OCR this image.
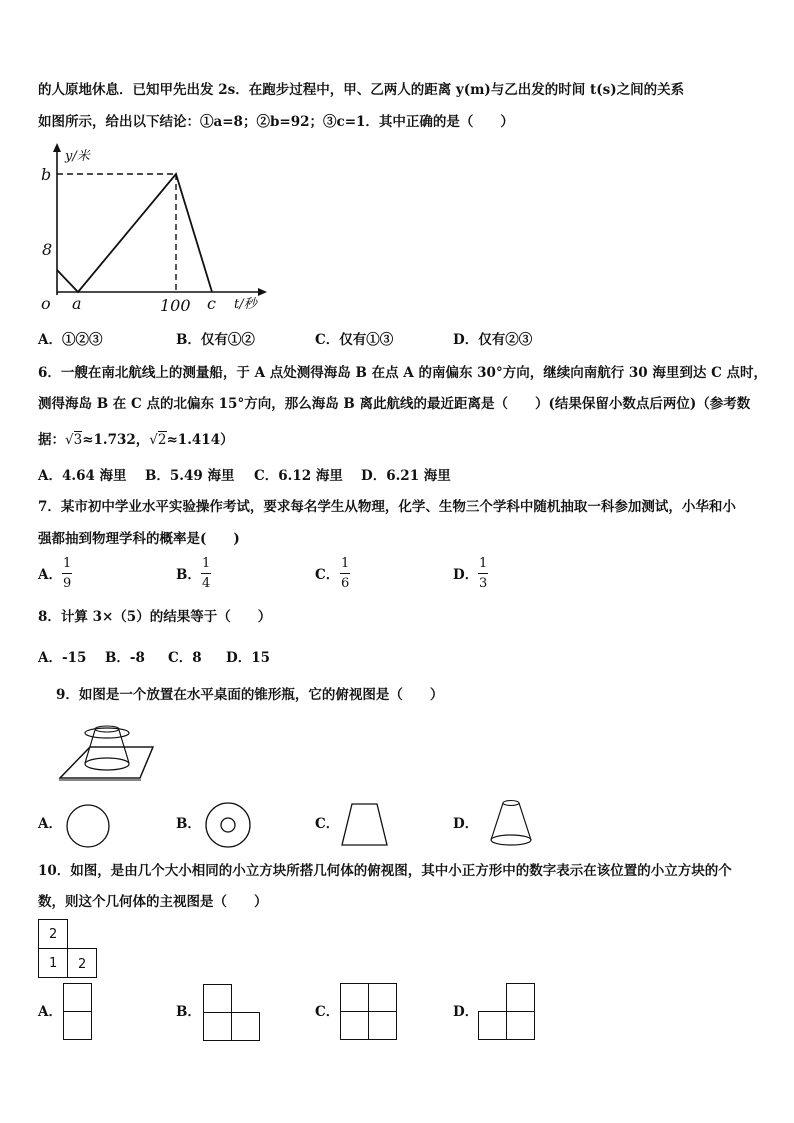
的人原地休息．已知甲先出发 2s．在跑步过程中，甲、乙两人的距离 y(m)与乙出发的时间 t(s)之间的关系
如图所示，给出以下结论：①a=8；②b=92；③c=1．其中正确的是（　　）
y/米
b
8
o a	100 c t/秒
A．①②③	B．仅有①②	C．仅有①③	D．仅有②③
6．一艘在南北航线上的测量船，于 A 点处测得海岛 B 在点 A 的南偏东 30°方向，继续向南航行 30 海里到达 C 点时，
测得海岛 B 在 C 点的北偏东 15°方向，那么海岛 B 离此航线的最近距离是（　　）(结果保留小数点后两位)（参考数
据：√3≈1.732，√2≈1.414）
A．4.64 海里 B．5.49 海里 C．6.12 海里 D．6.21 海里
7．某市初中学业水平实验操作考试，要求每名学生从物理，化学、生物三个学科中随机抽取一科参加测试，小华和小
强都抽到物理学科的概率是(　　)
A．
1
9
B．
1
4
C．
1
6
D．
1
3
8．计算 3×（5）的结果等于（　　）
A．-15 B．-8 C．8 D．15
9．如图是一个放置在水平桌面的锥形瓶，它的俯视图是（　　）
A．	B．	C．	D．
10．如图，是由几个大小相同的小立方块所搭几何体的俯视图，其中小正方形中的数字表示在该位置的小立方块的个
数，则这个几何体的主视图是（　　）
2
1 2
A．	B．	C．	D．
